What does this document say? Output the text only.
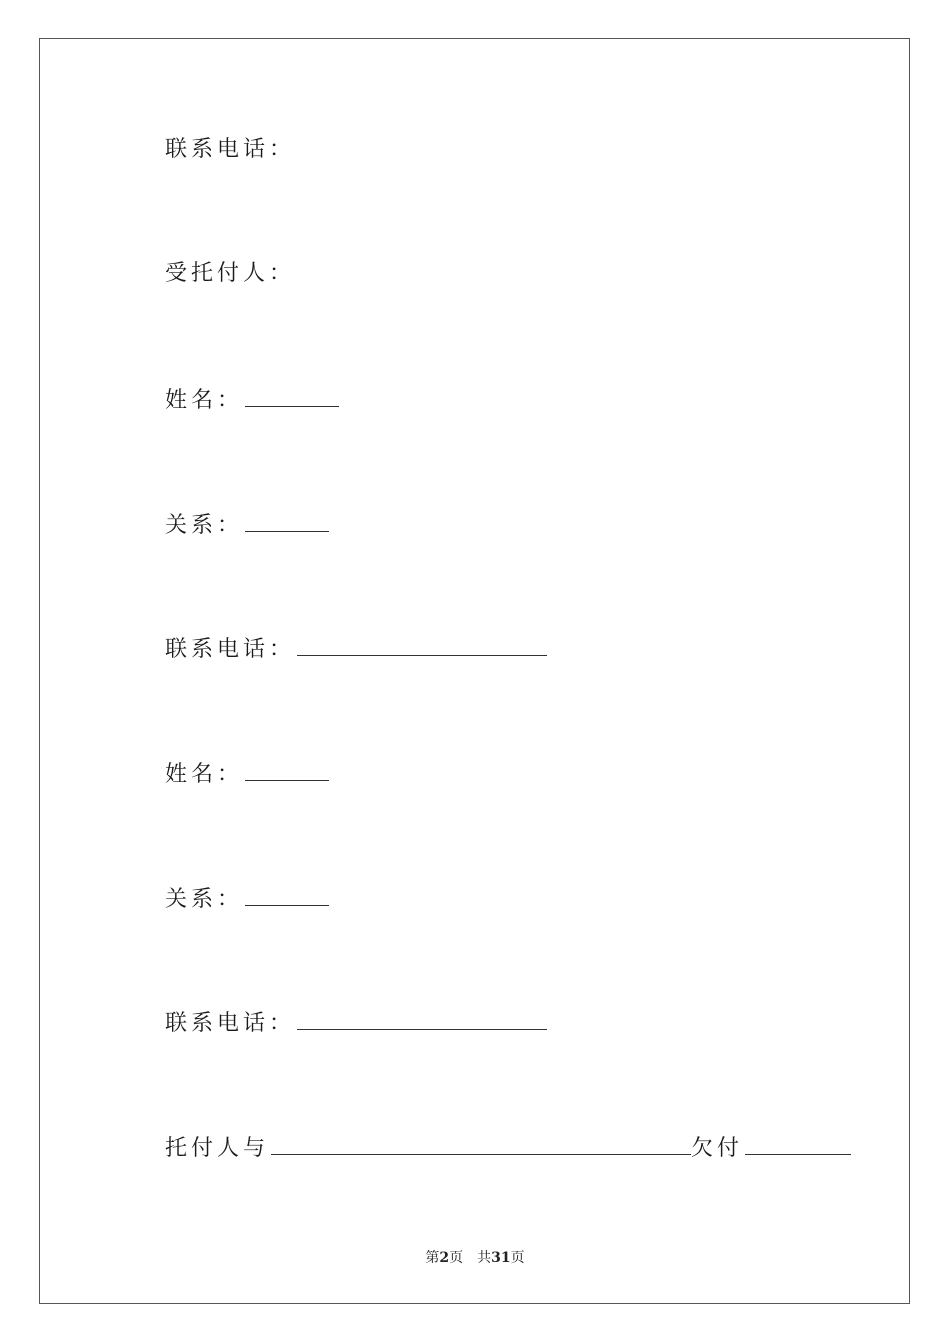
联系电话：
受托付人：
姓名：
关系：
联系电话：
姓名：
关系：
联系电话：
托付人与	欠付
第2页　共31页
